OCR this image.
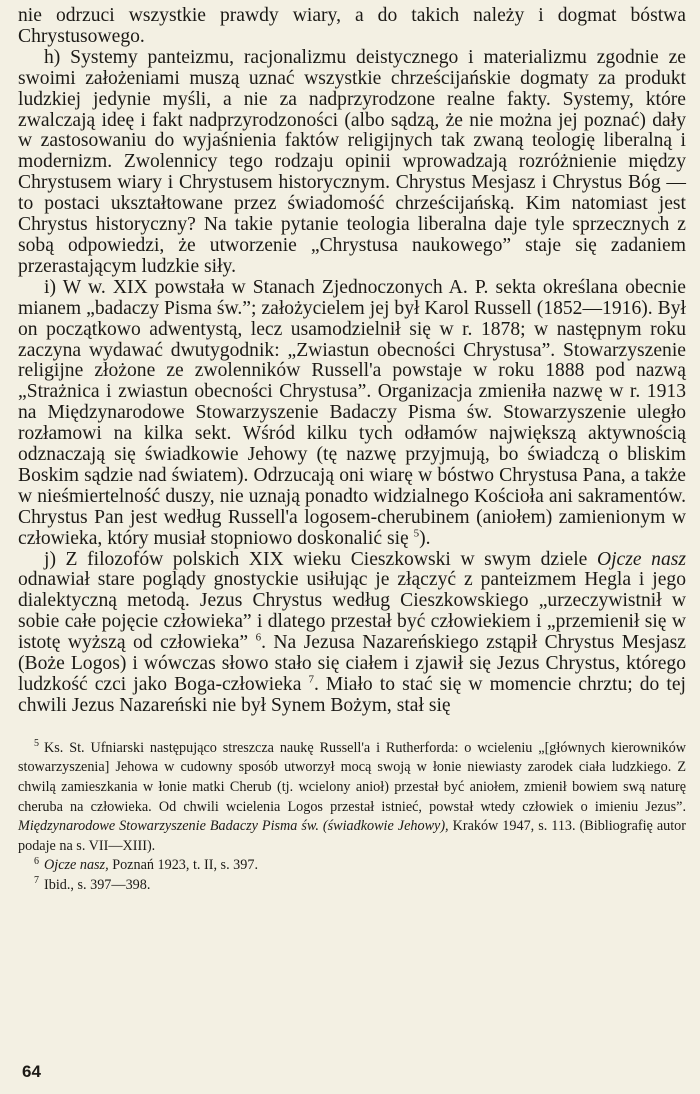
nie odrzuci wszystkie prawdy wiary, a do takich należy i dogmat bóstwa Chrystusowego.

h) Systemy panteizmu, racjonalizmu deistycznego i materializmu zgodnie ze swoimi założeniami muszą uznać wszystkie chrześcijańskie dogmaty za produkt ludzkiej jedynie myśli, a nie za nadprzyrodzone realne fakty. Systemy, które zwalczają ideę i fakt nadprzyrodzoności (albo sądzą, że nie można jej poznać) dały w zastosowaniu do wyjaśnienia faktów religijnych tak zwaną teologię liberalną i modernizm. Zwolennicy tego rodzaju opinii wprowadzają rozróżnienie między Chrystusem wiary i Chrystusem historycznym. Chrystus Mesjasz i Chrystus Bóg — to postaci ukształtowane przez świadomość chrześcijańską. Kim natomiast jest Chrystus historyczny? Na takie pytanie teologia liberalna daje tyle sprzecznych z sobą odpowiedzi, że utworzenie „Chrystusa naukowego” staje się zadaniem przerastającym ludzkie siły.

i) W w. XIX powstała w Stanach Zjednoczonych A. P. sekta określana obecnie mianem „badaczy Pisma św.”; założycielem jej był Karol Russell (1852—1916). Był on początkowo adwentystą, lecz usamodzielnił się w r. 1878; w następnym roku zaczyna wydawać dwutygodnik: „Zwiastun obecności Chrystusa”. Stowarzyszenie religijne złożone ze zwolenników Russell'a powstaje w roku 1888 pod nazwą „Strażnica i zwiastun obecności Chrystusa”. Organizacja zmieniła nazwę w r. 1913 na Międzynarodowe Stowarzyszenie Badaczy Pisma św. Stowarzyszenie uległo rozłamowi na kilka sekt. Wśród kilku tych odłamów największą aktywnością odznaczają się świadkowie Jehowy (tę nazwę przyjmują, bo świadczą o bliskim Boskim sądzie nad światem). Odrzucają oni wiarę w bóstwo Chrystusa Pana, a także w nieśmiertelność duszy, nie uznają ponadto widzialnego Kościoła ani sakramentów. Chrystus Pan jest według Russell'a logosem-cherubinem (aniołem) zamienionym w człowieka, który musiał stopniowo doskonalić się $^5$).

j) Z filozofów polskich XIX wieku Cieszkowski w swym dziele Ojcze nasz odnawiał stare poglądy gnostyckie usiłując je złączyć z panteizmem Hegla i jego dialektyczną metodą. Jezus Chrystus według Cieszkowskiego „urzeczywistnił w sobie całe pojęcie człowieka” i dlatego przestał być człowiekiem i „przemienił się w istotę wyższą od człowieka” $^6$. Na Jezusa Nazareńskiego zstąpił Chrystus Mesjasz (Boże Logos) i wówczas słowo stało się ciałem i zjawił się Jezus Chrystus, którego ludzkość czci jako Boga-człowieka $^7$. Miało to stać się w momencie chrztu; do tej chwili Jezus Nazareński nie był Synem Bożym, stał się

$^5$ Ks. St. Ufniarski następująco streszcza naukę Russell'a i Rutherforda: o wcieleniu „[głównych kierowników stowarzyszenia] Jehowa w cudowny sposób utworzył mocą swoją w łonie niewiasty zarodek ciała ludzkiego. Z chwilą zamieszkania w łonie matki Cherub (tj. wcielony anioł) przestał być aniołem, zmienił bowiem swą naturę cheruba na człowieka. Od chwili wcielenia Logos przestał istnieć, powstał wtedy człowiek o imieniu Jezus”. Międzynarodowe Stowarzyszenie Badaczy Pisma św. (świadkowie Jehowy), Kraków 1947, s. 113. (Bibliografię autor podaje na s. VII—XIII).

$^6$ Ojcze nasz, Poznań 1923, t. II, s. 397.

$^7$ Ibid., s. 397—398.

64
